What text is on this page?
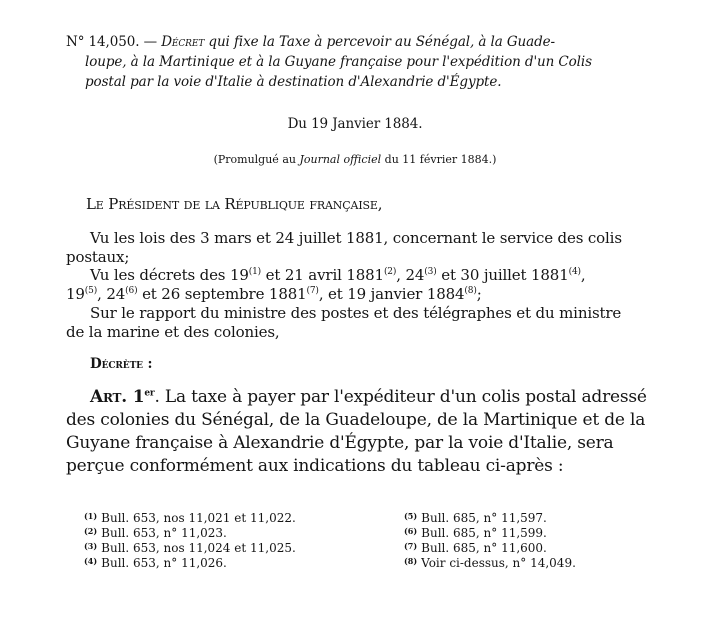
N° 14,050. — Décret qui fixe la Taxe à percevoir au Sénégal, à la Guade-
loupe, à la Martinique et à la Guyane française pour l'expédition d'un Colis
postal par la voie d'Italie à destination d'Alexandrie d'Égypte.
Du 19 Janvier 1884.
(Promulgué au Journal officiel du 11 février 1884.)
Le Président de la République française,
Vu les lois des 3 mars et 24 juillet 1881, concernant le service des colis
postaux;
Vu les décrets des 19$^{(1)}$ et 21 avril 1881$^{(2)}$, 24$^{(3)}$ et 30 juillet 1881$^{(4)}$,
19$^{(5)}$, 24$^{(6)}$ et 26 septembre 1881$^{(7)}$, et 19 janvier 1884$^{(8)}$;
Sur le rapport du ministre des postes et des télégraphes et du ministre
de la marine et des colonies,
Décrète :
Art. 1er. La taxe à payer par l'expéditeur d'un colis postal adressé
des colonies du Sénégal, de la Guadeloupe, de la Martinique et de la
Guyane française à Alexandrie d'Égypte, par la voie d'Italie, sera
perçue conformément aux indications du tableau ci-après :
(1) Bull. 653, nos 11,021 et 11,022.
(2) Bull. 653, n° 11,023.
(3) Bull. 653, nos 11,024 et 11,025.
(4) Bull. 653, n° 11,026.
(5) Bull. 685, n° 11,597.
(6) Bull. 685, n° 11,599.
(7) Bull. 685, n° 11,600.
(8) Voir ci-dessus, n° 14,049.
